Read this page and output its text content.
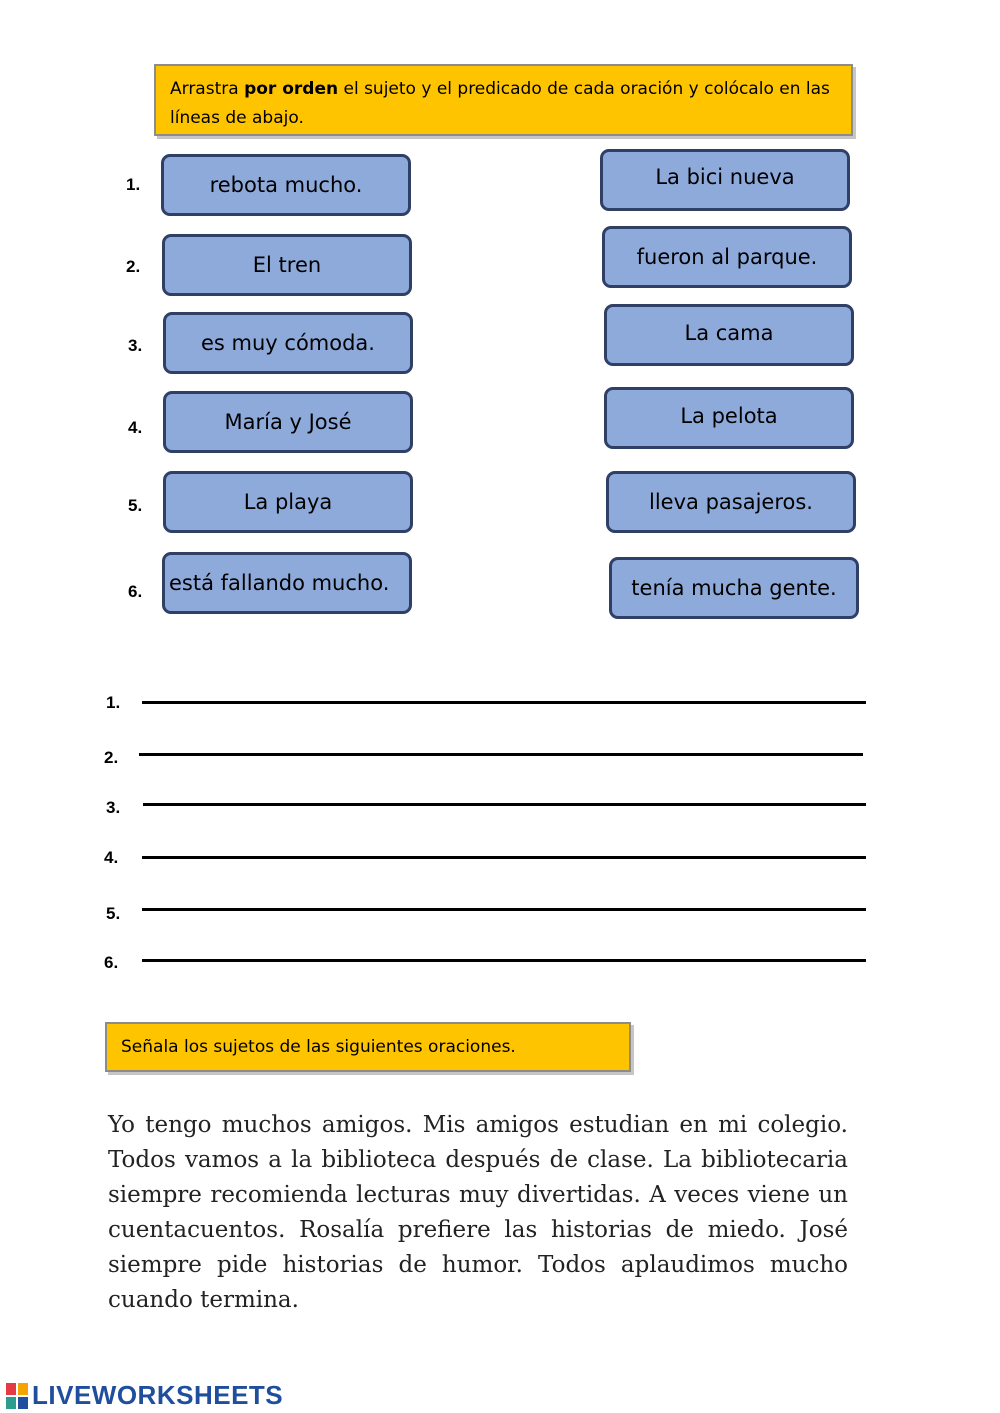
Arrastra por orden el sujeto y el predicado de cada oración y colócalo en las líneas de abajo.
1.
2.
3.
4.
5.
6.
rebota mucho.
El tren
es muy cómoda.
María y José
La playa
está fallando mucho.
La bici nueva
fueron al parque.
La cama
La pelota
lleva pasajeros.
tenía mucha gente.
1.
2.
3.
4.
5.
6.
Señala los sujetos de las siguientes oraciones.
Yo tengo muchos amigos. Mis amigos estudian en mi colegio. Todos vamos a la biblioteca después de clase. La bibliotecaria siempre recomienda lecturas muy divertidas. A veces viene un cuentacuentos. Rosalía prefiere las historias de miedo. José siempre pide historias de humor. Todos aplaudimos mucho cuando termina.
LIVEWORKSHEETS
